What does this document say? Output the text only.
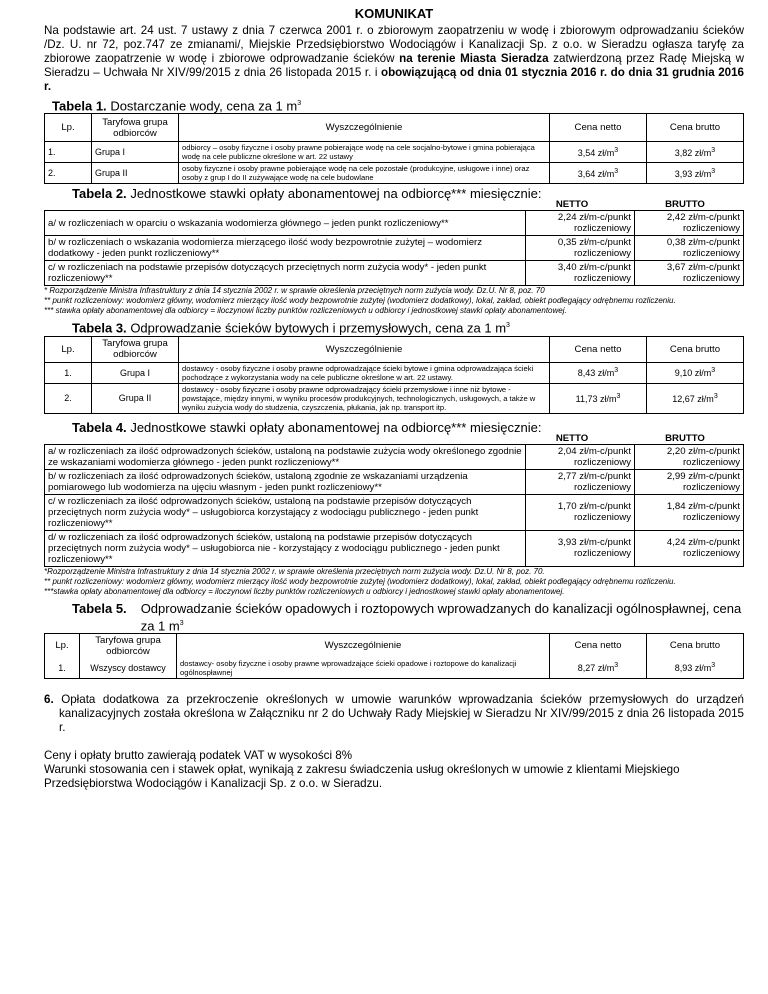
KOMUNIKAT
Na podstawie art. 24 ust. 7 ustawy z dnia 7 czerwca 2001 r. o zbiorowym zaopatrzeniu w wodę i zbiorowym odprowadzaniu ścieków /Dz. U. nr 72, poz.747 ze zmianami/, Miejskie Przedsiębiorstwo Wodociągów i Kanalizacji Sp. z o.o. w Sieradzu ogłasza taryfę za zbiorowe zaopatrzenie w wodę i zbiorowe odprowadzanie ścieków na terenie Miasta Sieradza zatwierdzoną przez Radę Miejską w Sieradzu – Uchwała Nr XIV/99/2015 z dnia 26 listopada 2015 r. i obowiązującą od dnia 01 stycznia 2016 r. do dnia 31 grudnia 2016 r.
Tabela 1. Dostarczanie wody, cena za 1 $m^3$
Lp.	Taryfowa grupa odbiorców	Wyszczególnienie	Cena netto	Cena brutto
1.	Grupa I	odbiorcy – osoby fizyczne i osoby prawne pobierające wodę na cele socjalno-bytowe i gmina pobierająca wodę na cele publiczne określone w art. 22 ustawy	3,54 $zł/m^3$	3,82 $zł/m^3$
2.	Grupa II	osoby fizyczne i osoby prawne pobierające wodę na cele pozostałe (produkcyjne, usługowe i inne) oraz osoby z grup I do II zużywające wodę na cele budowlane	3,64 $zł/m^3$	3,93 $zł/m^3$
Tabela 2. Jednostkowe stawki opłaty abonamentowej na odbiorcę*** miesięcznie:
NETTO	BRUTTO
a/ w rozliczeniach w oparciu o wskazania wodomierza głównego – jeden punkt rozliczeniowy**	2,24 zł/m-c/punkt rozliczeniowy	2,42 zł/m-c/punkt rozliczeniowy
b/ w rozliczeniach o wskazania wodomierza mierzącego ilość wody bezpowrotnie zużytej – wodomierz dodatkowy - jeden punkt rozliczeniowy**	0,35 zł/m-c/punkt rozliczeniowy	0,38 zł/m-c/punkt rozliczeniowy
c/ w rozliczeniach na podstawie przepisów dotyczących przeciętnych norm zużycia wody* - jeden punkt rozliczeniowy**	3,40 zł/m-c/punkt rozliczeniowy	3,67 zł/m-c/punkt rozliczeniowy
* Rozporządzenie Ministra Infrastruktury z dnia 14 stycznia 2002 r. w sprawie określenia przeciętnych norm zużycia wody. Dz.U. Nr 8, poz. 70
** punkt rozliczeniowy: wodomierz główny, wodomierz mierzący ilość wody bezpowrotnie zużytej (wodomierz dodatkowy), lokal, zakład, obiekt podlegający odrębnemu rozliczeniu.
*** stawka opłaty abonamentowej dla odbiorcy = iloczynowi liczby punktów rozliczeniowych u odbiorcy i jednostkowej stawki opłaty abonamentowej.
Tabela 3. Odprowadzanie ścieków bytowych i przemysłowych, cena za 1 $m^3$
Lp.	Taryfowa grupa odbiorców	Wyszczególnienie	Cena netto	Cena brutto
1.	Grupa I	dostawcy - osoby fizyczne i osoby prawne odprowadzające ścieki bytowe i gmina odprowadzająca ścieki pochodzące z wykorzystania wody na cele publiczne określone w art. 22 ustawy.	8,43 $zł/m^3$	9,10 $zł/m^3$
2.	Grupa II	dostawcy - osoby fizyczne i osoby prawne odprowadzający ścieki przemysłowe i inne niż bytowe - powstające, między innymi, w wyniku procesów produkcyjnych, technologicznych, usługowych, a także w wyniku zużycia wody do studzenia, czyszczenia, płukania, jak np. transport itp.	11,73 $zł/m^3$	12,67 $zł/m^3$
Tabela 4. Jednostkowe stawki opłaty abonamentowej na odbiorcę*** miesięcznie:
NETTO	BRUTTO
a/ w rozliczeniach za ilość odprowadzonych ścieków, ustaloną na podstawie zużycia wody określonego zgodnie ze wskazaniami wodomierza głównego - jeden punkt rozliczeniowy**	2,04 zł/m-c/punkt rozliczeniowy	2,20 zł/m-c/punkt rozliczeniowy
b/ w rozliczeniach za ilość odprowadzonych ścieków, ustaloną zgodnie ze wskazaniami urządzenia pomiarowego lub wodomierza na ujęciu własnym - jeden punkt rozliczeniowy**	2,77 zł/m-c/punkt rozliczeniowy	2,99 zł/m-c/punkt rozliczeniowy
c/ w rozliczeniach za ilość odprowadzonych ścieków, ustaloną na podstawie przepisów dotyczących przeciętnych norm zużycia wody* – usługobiorca korzystający z wodociągu publicznego - jeden punkt rozliczeniowy**	1,70 zł/m-c/punkt rozliczeniowy	1,84 zł/m-c/punkt rozliczeniowy
d/ w rozliczeniach za ilość odprowadzonych ścieków, ustaloną na podstawie przepisów dotyczących przeciętnych norm zużycia wody* – usługobiorca nie - korzystający z wodociągu publicznego - jeden punkt rozliczeniowy**	3,93 zł/m-c/punkt rozliczeniowy	4,24 zł/m-c/punkt rozliczeniowy
*Rozporządzenie Ministra Infrastruktury z dnia 14 stycznia 2002 r. w sprawie określenia przeciętnych norm zużycia wody. Dz.U. Nr 8, poz. 70.
** punkt rozliczeniowy: wodomierz główny, wodomierz mierzący ilość wody bezpowrotnie zużytej (wodomierz dodatkowy), lokal, zakład, obiekt podlegający odrębnemu rozliczeniu.
***stawka opłaty abonamentowej dla odbiorcy = iloczynowi liczby punktów rozliczeniowych u odbiorcy i jednostkowej stawki opłaty abonamentowej.
Tabela 5. Odprowadzanie ścieków opadowych i roztopowych wprowadzanych do kanalizacji ogólnospławnej, cena za 1 $m^3$
Lp.	Taryfowa grupa odbiorców	Wyszczególnienie	Cena netto	Cena brutto
1.	Wszyscy dostawcy	dostawcy- osoby fizyczne i osoby prawne wprowadzające ścieki opadowe i roztopowe do kanalizacji ogólnospławnej	8,27 $zł/m^3$	8,93 $zł/m^3$
6. Opłata dodatkowa za przekroczenie określonych w umowie warunków wprowadzania ścieków przemysłowych do urządzeń kanalizacyjnych została określona w Załączniku nr 2 do Uchwały Rady Miejskiej w Sieradzu Nr XIV/99/2015 z dnia 26 listopada 2015 r.
Ceny i opłaty brutto zawierają podatek VAT w wysokości 8%
Warunki stosowania cen i stawek opłat, wynikają z zakresu świadczenia usług określonych w umowie z klientami Miejskiego Przedsiębiorstwa Wodociągów i Kanalizacji Sp. z o.o. w Sieradzu.
